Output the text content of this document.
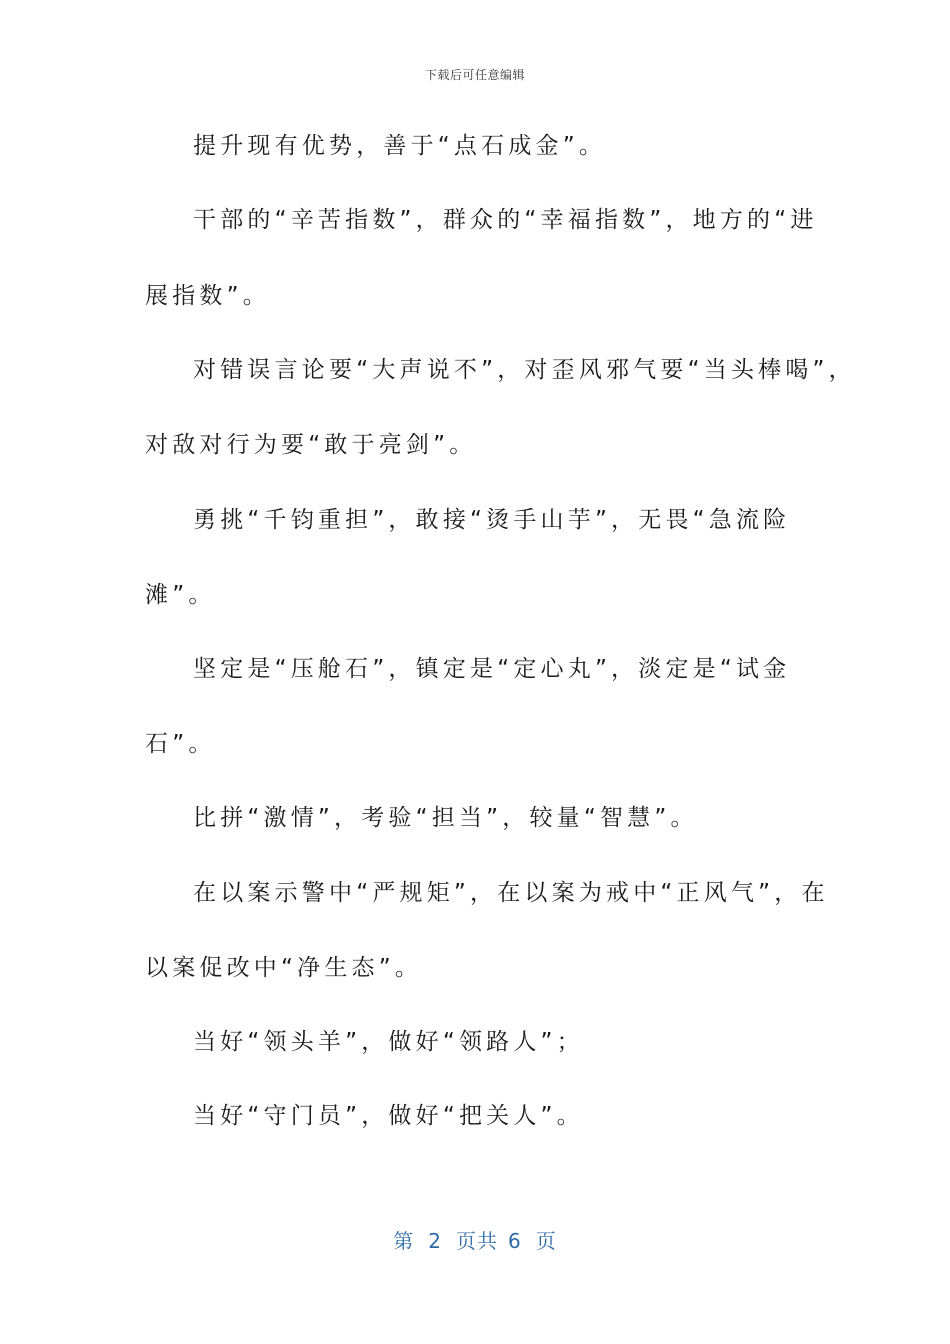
下载后可任意编辑
提升现有优势，善于“点石成金”。
干部的“辛苦指数”，群众的“幸福指数”，地方的“进
展指数”。
对错误言论要“大声说不”，对歪风邪气要“当头棒喝”，
对敌对行为要“敢于亮剑”。
勇挑“千钧重担”，敢接“烫手山芋”，无畏“急流险
滩”。
坚定是“压舱石”，镇定是“定心丸”，淡定是“试金
石”。
比拼“激情”，考验“担当”，较量“智慧”。
在以案示警中“严规矩”，在以案为戒中“正风气”，在
以案促改中“净生态”。
当好“领头羊”，做好“领路人”；
当好“守门员”，做好“把关人”。
第 2 页共 6 页
